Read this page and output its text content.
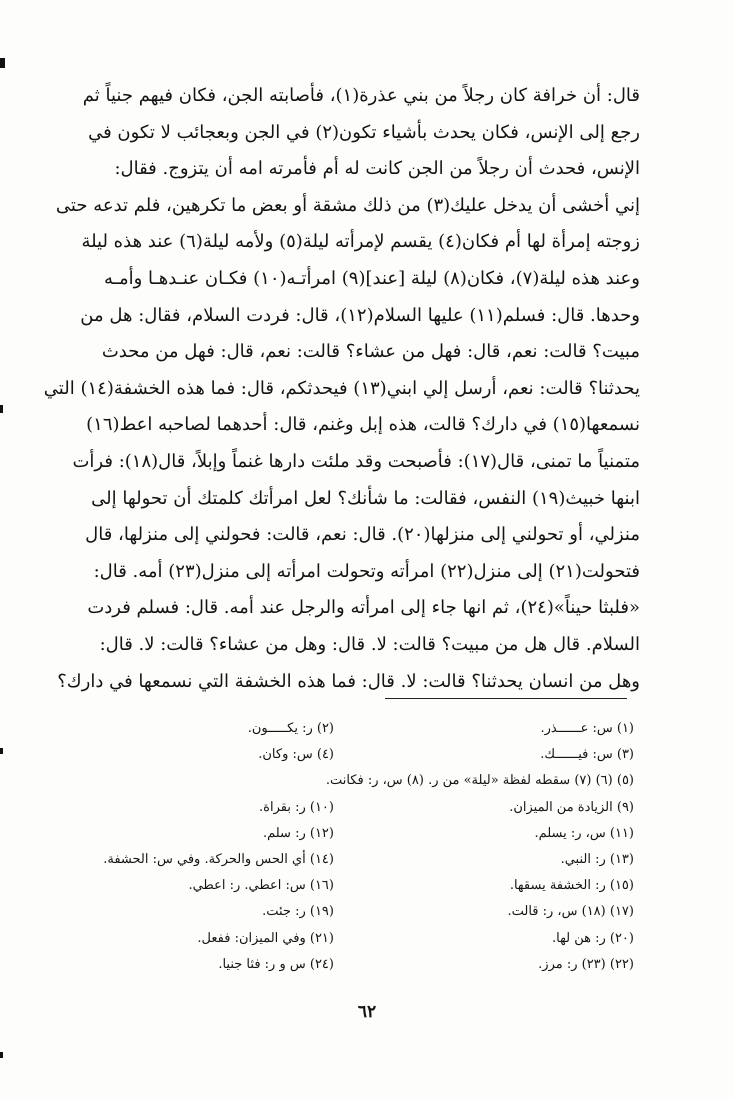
قال: أن خرافة كان رجلاً من بني عذرة(١)، فأصابته الجن، فكان فيهم جنياً ثم
رجع إلى الإنس، فكان يحدث بأشياء تكون(٢) في الجن وبعجائب لا تكون في
الإنس، فحدث أن رجلاً من الجن كانت له أم فأمرته امه أن يتزوج. فقال:
إني أخشى أن يدخل عليك(٣) من ذلك مشقة أو بعض ما تكرهين، فلم تدعه حتى
زوجته إمرأة لها أم فكان(٤) يقسم لإمرأته ليلة(٥) ولأمه ليلة(٦) عند هذه ليلة
وعند هذه ليلة(٧)، فكان(٨) ليلة [عند](٩) امرأتـه(١٠) فكـان عنـدهـا وأمـه
وحدها. قال: فسلم(١١) عليها السلام(١٢)، قال: فردت السلام، فقال: هل من
مبيت؟ قالت: نعم، قال: فهل من عشاء؟ قالت: نعم، قال: فهل من محدث
يحدثنا؟ قالت: نعم، أرسل إلي ابني(١٣) فيحدثكم، قال: فما هذه الخشفة(١٤) التي
نسمعها(١٥) في دارك؟ قالت، هذه إبل وغنم، قال: أحدهما لصاحبه اعط(١٦)
متمنياً ما تمنى، قال(١٧): فأصبحت وقد ملئت دارها غنماً وإبلاً، قال(١٨): فرأت
ابنها خبيث(١٩) النفس، فقالت: ما شأنك؟ لعل امرأتك كلمتك أن تحولها إلى
منزلي، أو تحولني إلى منزلها(٢٠). قال: نعم، قالت: فحولني إلى منزلها، قال
فتحولت(٢١) إلى منزل(٢٢) امرأته وتحولت امرأته إلى منزل(٢٣) أمه. قال:
«فلبثا حيناً»(٢٤)، ثم انها جاء إلى امرأته والرجل عند أمه. قال: فسلم فردت
السلام. قال هل من مبيت؟ قالت: لا. قال: وهل من عشاء؟ قالت: لا. قال:
وهل من انسان يحدثنا؟ قالت: لا. قال: فما هذه الخشفة التي نسمعها في دارك؟
(١) س: عــــــذر.
(٣) س: فيــــــك.
(٥) (٦) (٧) سقطه لفظة «ليلة» من ر. (٨) س، ر: فكانت.
(٩) الزيادة من الميزان.
(١١) س، ر: يسلم.
(١٣) ر: النبي.
(١٥) ر: الخشفة يسقها.
(١٧) (١٨) س، ر: قالت.
(٢٠) ر: هن لها.
(٢٢) (٢٣) ر: مرز.
(٢) ر: يكـــــون.
(٤) س: وكان.
(١٠) ر: بقراة.
(١٢) ر: سلم.
(١٤) أي الحس والحركة. وفي س: الحشفة.
(١٦) س: اعطي. ر: اعطي.
(١٩) ر: جئت.
(٢١) وفي الميزان: ففعل.
(٢٤) س و ر: فثا جنيا.
٦٢
